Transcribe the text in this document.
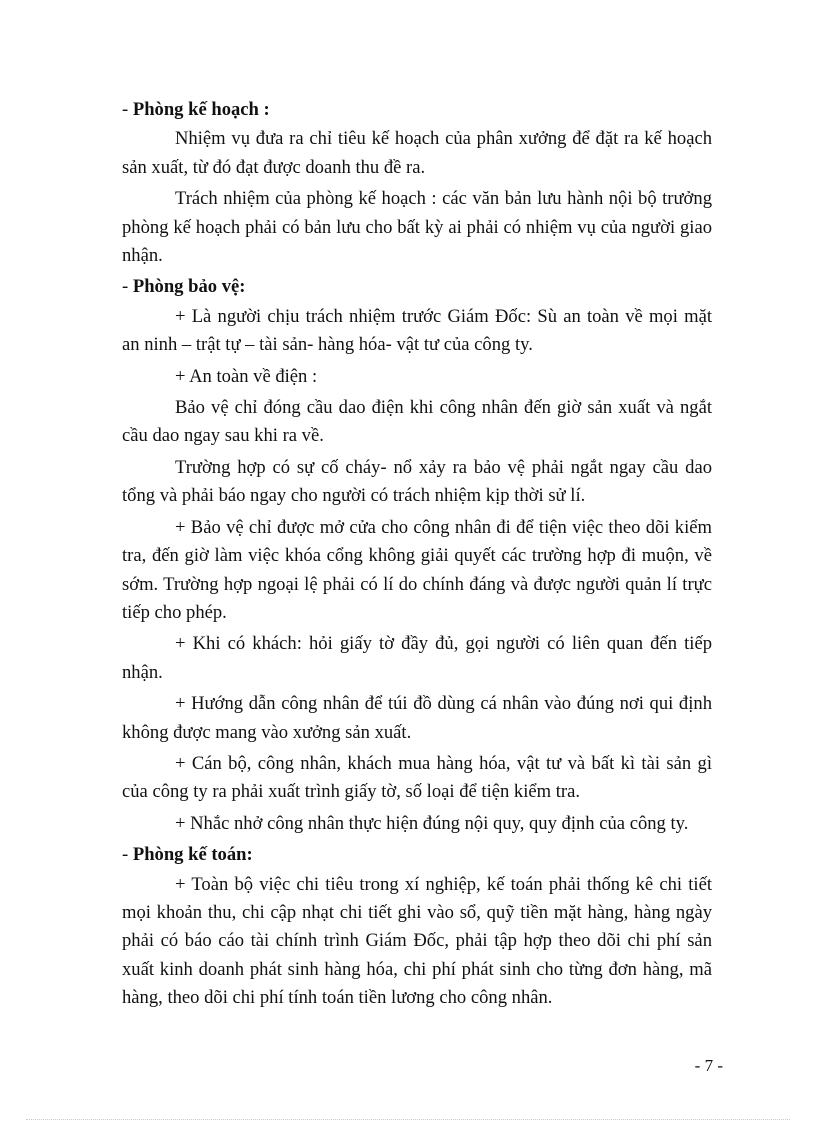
- Phòng kế hoạch :

Nhiệm vụ đưa ra chỉ tiêu kế hoạch của phân xưởng để đặt ra kế hoạch sản xuất, từ đó đạt được doanh thu đề ra.

Trách nhiệm của phòng kế hoạch : các văn bản lưu hành nội bộ trưởng phòng kế hoạch phải có bản lưu cho bất kỳ ai phải có nhiệm vụ của người giao nhận.

- Phòng bảo vệ:

+ Là người chịu trách nhiệm trước Giám Đốc: Sù an toàn về mọi mặt an ninh – trật tự – tài sản- hàng hóa- vật tư của công ty.

+ An toàn về điện :

Bảo vệ chỉ đóng cầu dao điện khi công nhân đến giờ sản xuất và ngắt cầu dao ngay sau khi ra về.

Trường hợp có sự cố cháy- nổ xảy ra bảo vệ phải ngắt ngay cầu dao tổng và phải báo ngay cho người có trách nhiệm kịp thời sử lí.

+ Bảo vệ chỉ được mở cửa cho công nhân đi để tiện việc theo dõi kiểm tra, đến giờ làm việc khóa cổng không giải quyết các trường hợp đi muộn, về sớm. Trường hợp ngoại lệ phải có lí do chính đáng và được người quản lí trực tiếp cho phép.

+ Khi có khách: hỏi giấy tờ đầy đủ, gọi người có liên quan đến tiếp nhận.

+ Hướng dẫn công nhân để túi đồ dùng cá nhân vào đúng nơi qui định không được mang vào xưởng sản xuất.

+ Cán bộ, công nhân, khách mua hàng hóa, vật tư và bất kì tài sản gì của công ty ra phải xuất trình giấy tờ, số loại để tiện kiểm tra.

+ Nhắc nhở công nhân thực hiện đúng nội quy, quy định của công ty.

- Phòng kế toán:

+ Toàn bộ việc chi tiêu trong xí nghiệp, kế toán phải thống kê chi tiết mọi khoản thu, chi cập nhạt chi tiết ghi vào sổ, quỹ tiền mặt hàng, hàng ngày phải có báo cáo tài chính trình Giám Đốc, phải tập hợp theo dõi chi phí sản xuất kinh doanh phát sinh hàng hóa, chi phí phát sinh cho từng đơn hàng, mã hàng, theo dõi chi phí tính toán tiền lương cho công nhân.

- 7 -
